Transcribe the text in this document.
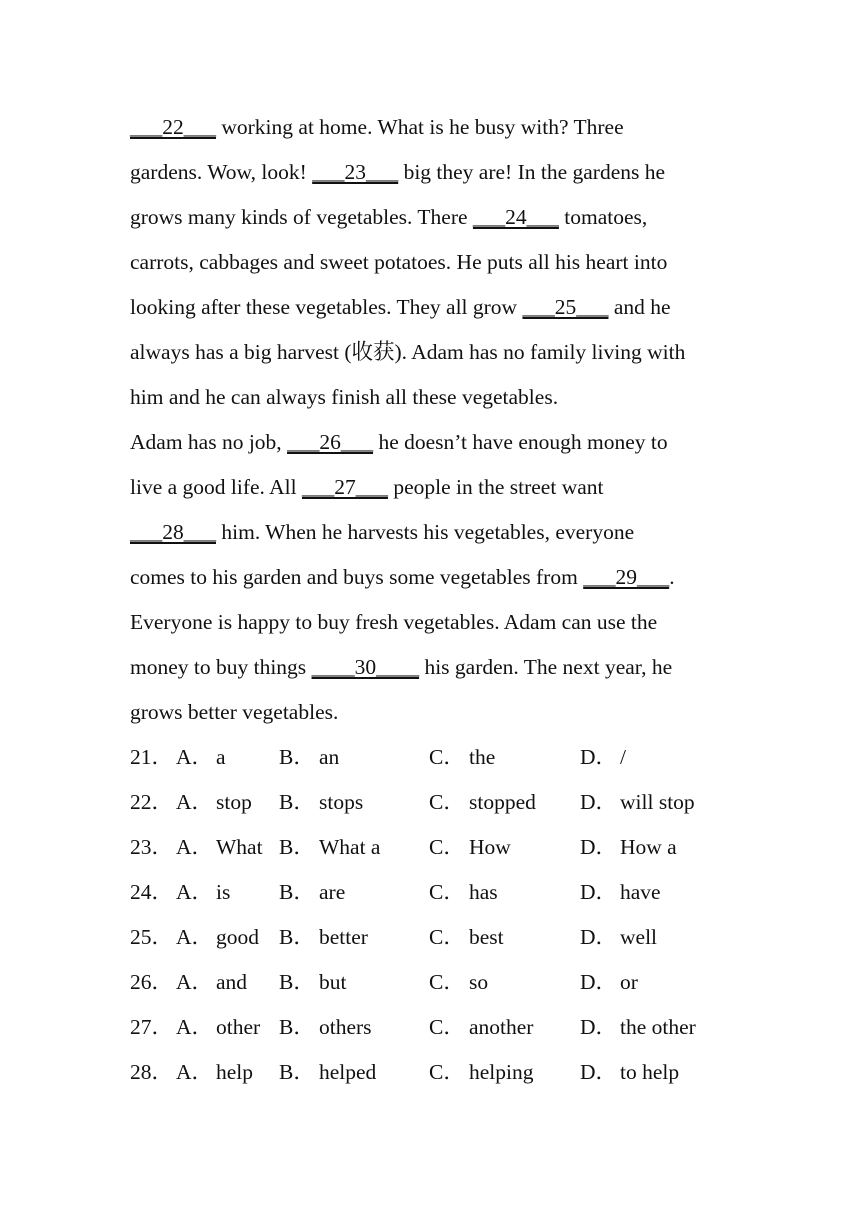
___22___ working at home. What is he busy with? Three
gardens. Wow, look! ___23___ big they are! In the gardens he
grows many kinds of vegetables. There ___24___ tomatoes,
carrots, cabbages and sweet potatoes. He puts all his heart into
looking after these vegetables. They all grow ___25___ and he
always has a big harvest (收获). Adam has no family living with
him and he can always finish all these vegetables.
Adam has no job, ___26___ he doesn’t have enough money to
live a good life. All ___27___ people in the street want
___28___ him. When he harvests his vegetables, everyone
comes to his garden and buys some vegetables from ___29___.
Everyone is happy to buy fresh vegetables. Adam can use the
money to buy things ____30____ his garden. The next year, he
grows better vegetables.
21． A． a B． an	C． the	D． /
22． A． stop B． stops	C． stopped D． will stop
23． A． What B． What a C． How	D． How a
24． A． is B． are	C． has	D． have
25． A． good B． better	C． best	D． well
26． A． and B． but	C． so	D． or
27． A． other B． others	C． another D． the other
28． A． help B． helped C． helping D． to help
